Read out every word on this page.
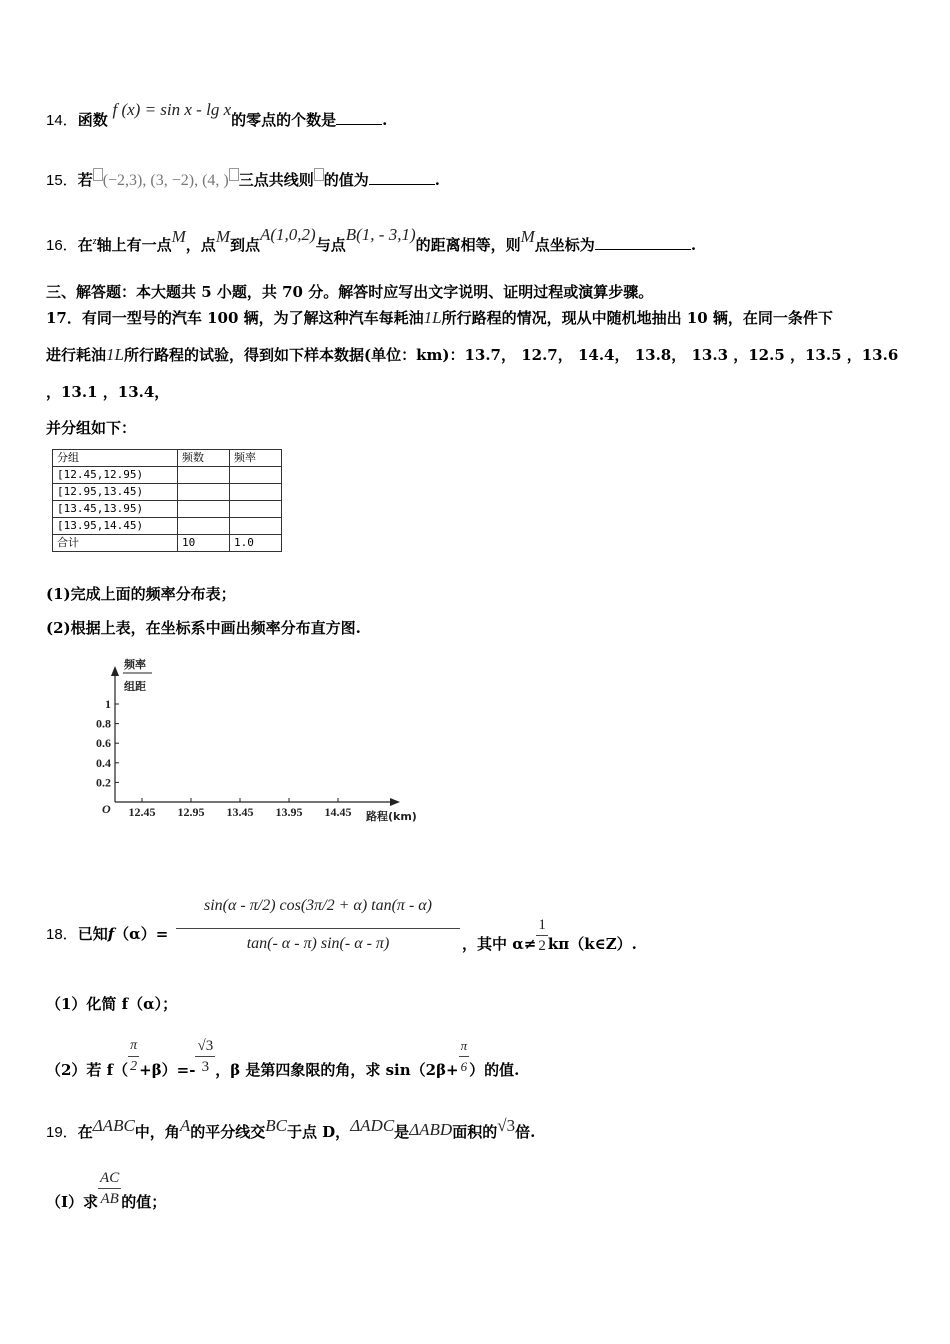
14．函数 f (x) = sin x - lg x的零点的个数是	.
15．若 (−2,3), (3, −2), (4, ) 三点共线则 的值为	.
16．在$^z$轴上有一点M，点M到点A(1,0,2)与点B(1, - 3,1)的距离相等，则M点坐标为	.
三、解答题：本大题共 5 小题，共 70 分。解答时应写出文字说明、证明过程或演算步骤。
17．有同一型号的汽车 100 辆，为了解这种汽车每耗油1L所行路程的情况，现从中随机地抽出 10 辆，在同一条件下
进行耗油1L所行路程的试验，得到如下样本数据(单位：km)：13.7， 12.7， 14.4， 13.8， 13.3 ，12.5 ，13.5 ，13.6
，13.1 ，13.4，
并分组如下：
分组	频数	频率
[12.45,12.95)		
[12.95,13.45)		
[13.45,13.95)		
[13.95,14.45)		
合计	10	1.0
(1)完成上面的频率分布表；
(2)根据上表，在坐标系中画出频率分布直方图.
频率
组距
O
1
0.8
0.6
0.4
0.2
12.45 12.95 13.45 13.95 14.45 路程(km)
18．已知f（α）=
sin(α - π/2) cos(3π/2 + α) tan(π - α)
tan(- α - π) sin(- α - π)	，其中 $\alpha\ne \frac{1}{2}$ kπ（k∈Z）.
（1）化简 f（α）；
（2）若 $f( \frac{\pi}{2} +\beta)=- \frac{√3}{3}$ ，β 是第四象限的角，求 $\sin(2\beta+ \frac{\pi}{6}$ ）的值.
19．在ΔABC中，角A的平分线交BC于点 D，ΔADC是ΔABD面积的√3倍.
（I）求 $\frac{AC}{AB}$ 的值；
